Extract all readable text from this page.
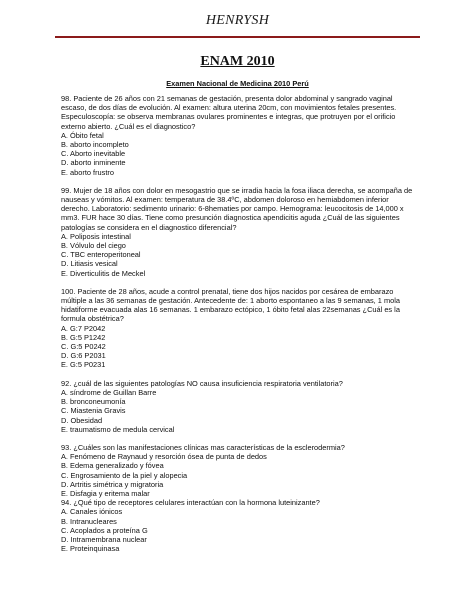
HENRYSH
ENAM 2010
Examen Nacional de Medicina 2010 Perú

98. Paciente de 26 años con 21 semanas de gestación, presenta dolor abdominal y sangrado vaginal escaso, de dos días de evolución. Al examen: altura uterina 20cm, con movimientos fetales presentes. Especuloscopía: se observa membranas ovulares prominentes e integras, que protruyen por el orificio externo abierto. ¿Cuál es el diagnostico?

A. Óbito fetal

B. aborto incompleto

C. Aborto inevitable

D. aborto inminente

E. aborto frustro

99. Mujer de 18 años con dolor en mesogastrio que se irradia hacia la fosa iliaca derecha, se acompaña de nauseas y vómitos. Al examen: temperatura de 38.4ºC, abdomen doloroso en hemiabdomen inferior derecho. Laboratorio: sedimento urinario: 6-8hematies por campo. Hemograma: leucocitosis de 14,000 x mm3. FUR hace 30 días. Tiene como presunción diagnostica apendicitis aguda ¿Cuál de las siguientes patologías se considera en el diagnostico diferencial?

A. Poliposis intestinal

B. Vólvulo del ciego

C. TBC enteroperitoneal

D. Litiasis vesical

E. Diverticulitis de Meckel

100. Paciente de 28 años, acude a control prenatal, tiene dos hijos nacidos por cesárea de embarazo múltiple a las 36 semanas de gestación. Antecedente de: 1 aborto espontaneo a las 9 semanas, 1 mola hidatiforme evacuada alas 16 semanas. 1 embarazo ectópico, 1 óbito fetal alas 22semanas ¿Cuál es la formula obstétrica?

A. G:7 P2042

B. G:5 P1242

C. G:5 P0242

D. G:6 P2031

E. G:5 P0231

92. ¿cuál de las siguientes patologías NO causa insuficiencia respiratoria ventilatoria?

A. síndrome de Guillan Barre

B. bronconeumonía

C. Miastenia Gravis

D. Obesidad

E. traumatismo de medula cervical

93. ¿Cuáles son las manifestaciones clínicas mas características de la esclerodermia?

A. Fenómeno de Raynaud y resorción ósea de punta de dedos

B. Edema generalizado y fóvea

C. Engrosamiento de la piel y alopecia

D. Artritis simétrica y migratoria

E. Disfagia y eritema malar

94. ¿Qué tipo de receptores celulares interactúan con la hormona luteinizante?

A. Canales iónicos

B. Intranucleares

C. Acoplados a proteína G

D. Intramembrana nuclear

E. Proteinquinasa
